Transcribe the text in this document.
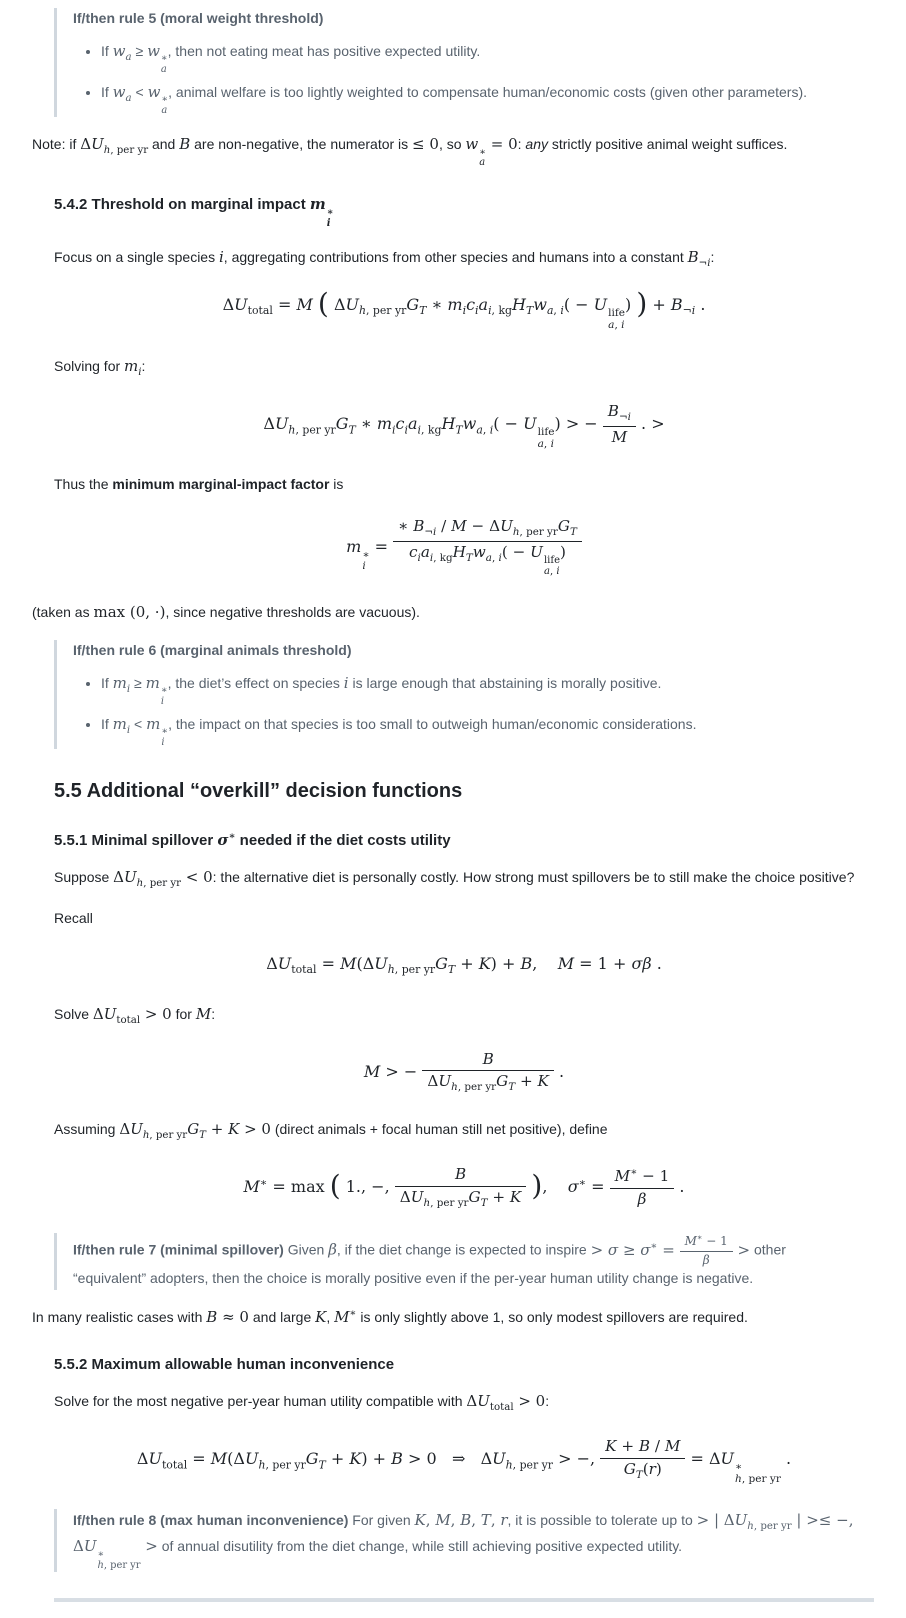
If/then rule 5 (moral weight threshold)

• If $w_a \ge w$ ∗
a
, then not eating meat has positive expected utility.
• If $w_a < w$ ∗
a
, animal welfare is too lightly weighted to compensate human/economic costs (given other parameters).

Note: if $\Delta U_{h, per yr}$ and B are non-negative, the numerator is ≤ 0, so w ∗
a
= 0: any strictly positive animal weight suffices.

5.4.2 Threshold on marginal impact m ∗
i

Focus on a single species i, aggregating contributions from other species and humans into a constant $B_{\neg i}$:

$\Delta U_{total} = M$ ( $\Delta U_{h, per yr}G_T$ ∗ $m_ic_ia_{i, kg}H_Tw_{a, i}( - U$ life
a, i
) ) + $B_{\neg i}$ .

Solving for $m_i$:

$\Delta U_{h, per yr}G_T$ ∗ $m_ic_ia_{i, kg}H_Tw_{a, i}( - U$ life
a, i
) > − $\frac{B_{\neg i}}{M}$ . >

Thus the minimum marginal-impact factor is

m ∗
i
= ∗ $B_{\neg i} / M - \Delta U_{h, per yr}G_T$
$c_ia_{i, kg}H_Tw_{a, i}( - U$ life
a, i
)

(taken as max (0, ·), since negative thresholds are vacuous).

If/then rule 6 (marginal animals threshold)

• If $m_i \ge m$ ∗
i
, the diet’s effect on species i is large enough that abstaining is morally positive.
• If $m_i < m$ ∗
i
, the impact on that species is too small to outweigh human/economic considerations.
5.5 Additional “overkill” decision functions
5.5.1 Minimal spillover σ∗ needed if the diet costs utility

Suppose $\Delta U_{h, per yr} < 0$: the alternative diet is personally costly. How strong must spillovers be to still make the choice positive?

Recall

$\Delta U_{total} = M(\Delta U_{h, per yr}G_T + K) + B$,    M = 1 + σβ .

Solve $\Delta U_{total} > 0$ for M:

M > − $\frac{B}{\Delta U_{h, per yr}G_T + K}$ .

Assuming $\Delta U_{h, per yr}G_T + K > 0$ (direct animals + focal human still net positive), define

M∗ = max ( 1., −, $\frac{B}{\Delta U_{h, per yr}G_T + K}$ ),    $\sigma^∗ = \frac{M^∗ - 1}{\beta}$ .

If/then rule 7 (minimal spillover) Given β, if the diet change is expected to inspire > $\sigma \ge \sigma^∗ = \frac{M^∗ - 1}{\beta}$ > other “equivalent” adopters, then the choice is morally positive even if the per-year human utility change is negative.

In many realistic cases with B ≈ 0 and large K, M∗ is only slightly above 1, so only modest spillovers are required.

5.5.2 Maximum allowable human inconvenience

Solve for the most negative per-year human utility compatible with $\Delta U_{total} > 0$:

$\Delta U_{total} = M(\Delta U_{h, per yr}G_T + K) + B > 0$   ⇒   $\Delta U_{h, per yr}$ > −, $\frac{K + B / M}{G_T(r)} = \Delta U$ ∗
h, per yr
.

If/then rule 8 (max human inconvenience) For given K, M, B, T, r, it is possible to tolerate up to > | $\Delta U_{h, per yr}$ | >≤ −, ΔU ∗
h, per yr
> of annual disutility from the diet change, while still achieving positive expected utility.
